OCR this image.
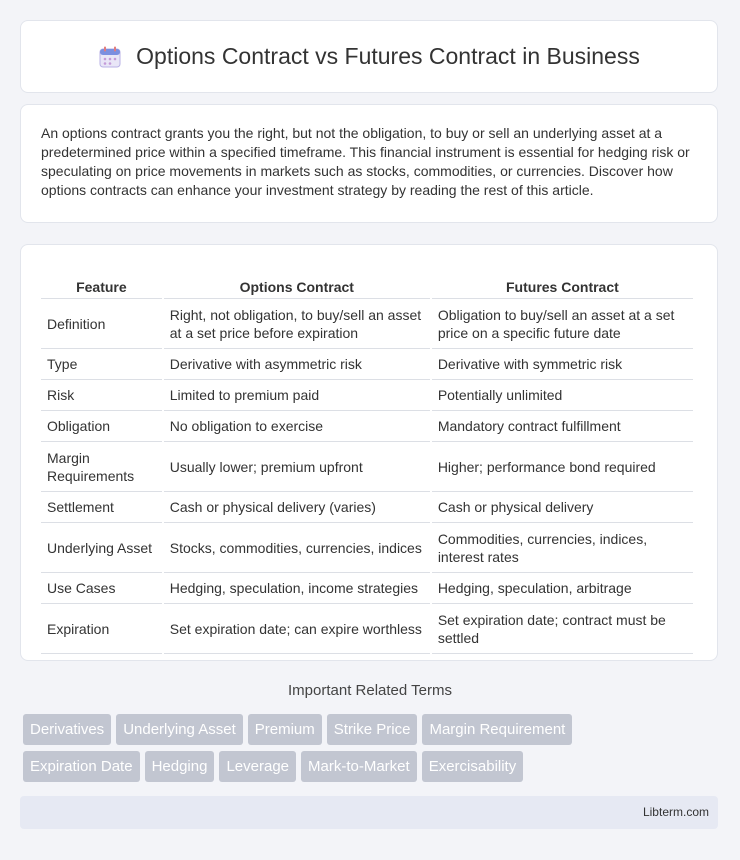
Options Contract vs Futures Contract in Business

An options contract grants you the right, but not the obligation, to buy or sell an underlying asset at a predetermined price within a specified timeframe. This financial instrument is essential for hedging risk or speculating on price movements in markets such as stocks, commodities, or currencies. Discover how options contracts can enhance your investment strategy by reading the rest of this article.

Feature	Options Contract	Futures Contract
Definition	Right, not obligation, to buy/sell an asset at a set price before expiration	Obligation to buy/sell an asset at a set price on a specific future date
Type	Derivative with asymmetric risk	Derivative with symmetric risk
Risk	Limited to premium paid	Potentially unlimited
Obligation	No obligation to exercise	Mandatory contract fulfillment
Margin Requirements	Usually lower; premium upfront	Higher; performance bond required
Settlement	Cash or physical delivery (varies)	Cash or physical delivery
Underlying Asset	Stocks, commodities, currencies, indices	Commodities, currencies, indices, interest rates
Use Cases	Hedging, speculation, income strategies	Hedging, speculation, arbitrage
Expiration	Set expiration date; can expire worthless	Set expiration date; contract must be settled
Important Related Terms
Derivatives Underlying Asset Premium Strike Price Margin Requirement
Expiration Date Hedging Leverage Mark-to-Market Exercisability
Libterm.com
